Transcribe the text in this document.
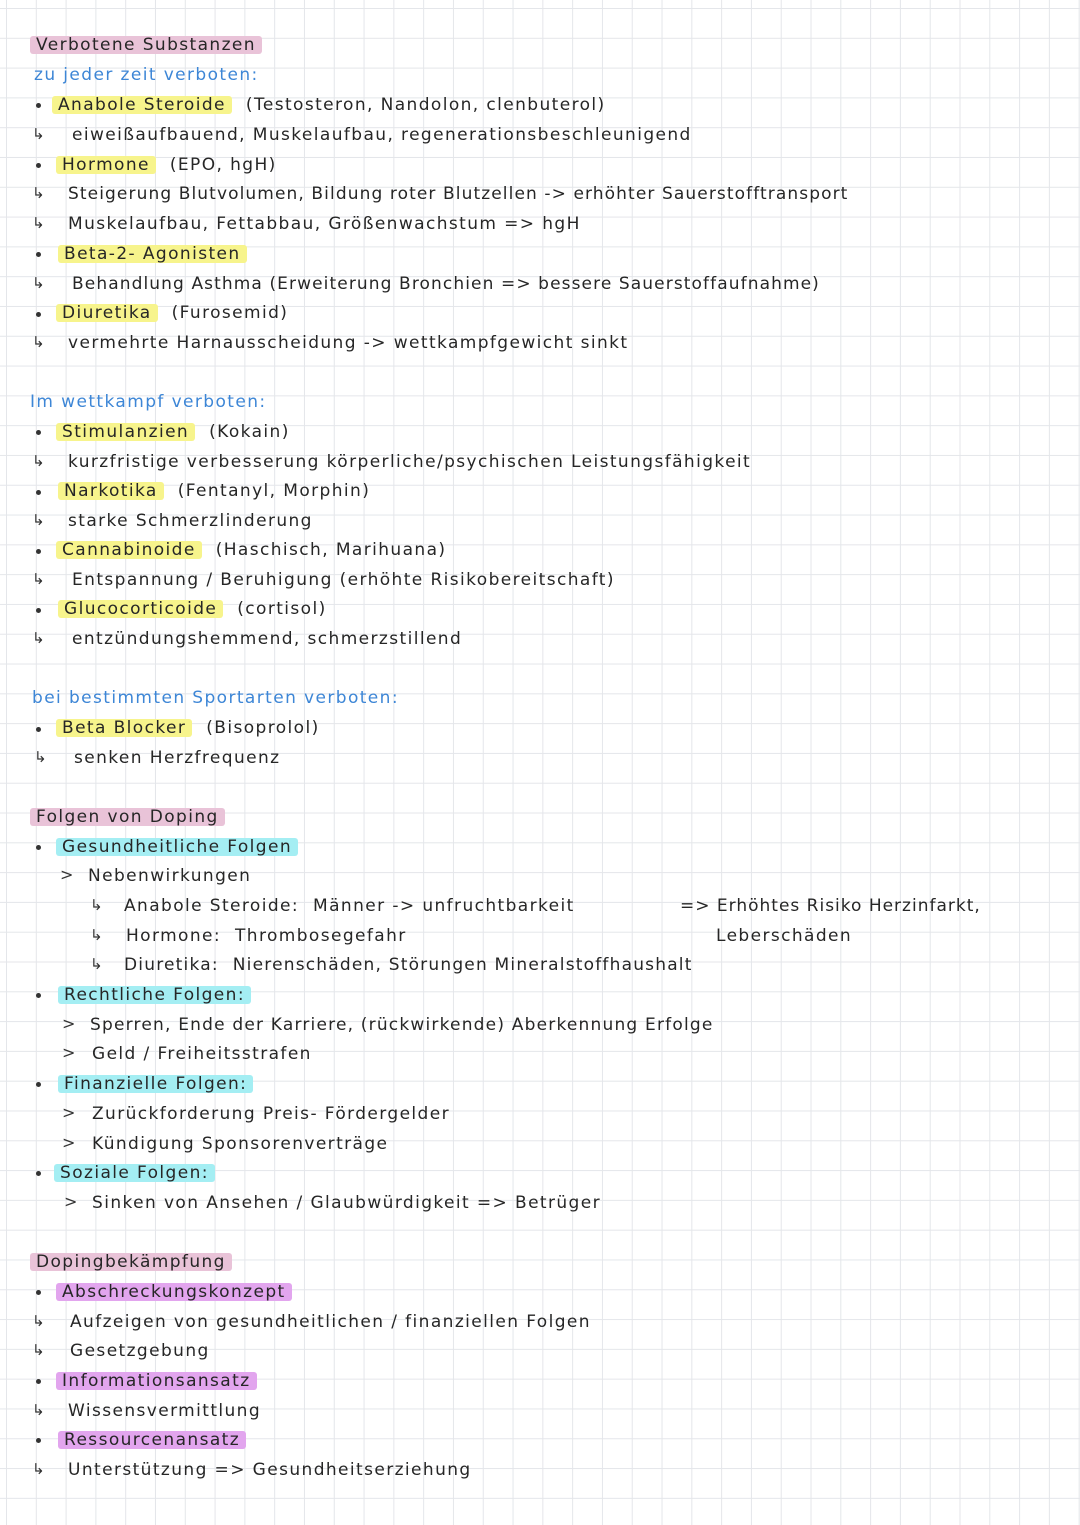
Verbotene Substanzen
zu jeder zeit verboten:
Anabole Steroide (Testosteron, Nandolon, clenbuterol)
↳ eiweißaufbauend, Muskelaufbau, regenerationsbeschleunigend
Hormone (EPO, hgH)
↳ Steigerung Blutvolumen, Bildung roter Blutzellen -> erhöhter Sauerstofftransport
↳ Muskelaufbau, Fettabbau, Größenwachstum => hgH
Beta-2- Agonisten
↳ Behandlung Asthma (Erweiterung Bronchien => bessere Sauerstoffaufnahme)
Diuretika (Furosemid)
↳ vermehrte Harnausscheidung -> wettkampfgewicht sinkt
Im wettkampf verboten:
Stimulanzien (Kokain)
↳ kurzfristige verbesserung körperliche/psychischen Leistungsfähigkeit
Narkotika (Fentanyl, Morphin)
↳ starke Schmerzlinderung
Cannabinoide (Haschisch, Marihuana)
↳ Entspannung / Beruhigung (erhöhte Risikobereitschaft)
Glucocorticoide (cortisol)
↳ entzündungshemmend, schmerzstillend
bei bestimmten Sportarten verboten:
Beta Blocker (Bisoprolol)
↳ senken Herzfrequenz
Folgen von Doping
Gesundheitliche Folgen
> Nebenwirkungen
↳ Anabole Steroide: Männer -> unfruchtbarkeit
↳ Hormone: Thrombosegefahr
↳ Diuretika: Nierenschäden, Störungen Mineralstoffhaushalt
=> Erhöhtes Risiko Herzinfarkt,
Leberschäden
Rechtliche Folgen:
> Sperren, Ende der Karriere, (rückwirkende) Aberkennung Erfolge
> Geld / Freiheitsstrafen
Finanzielle Folgen:
> Zurückforderung Preis- Fördergelder
> Kündigung Sponsorenverträge
Soziale Folgen:
> Sinken von Ansehen / Glaubwürdigkeit => Betrüger
Dopingbekämpfung
Abschreckungskonzept
↳ Aufzeigen von gesundheitlichen / finanziellen Folgen
↳ Gesetzgebung
Informationsansatz
↳ Wissensvermittlung
Ressourcenansatz
↳ Unterstützung => Gesundheitserziehung
